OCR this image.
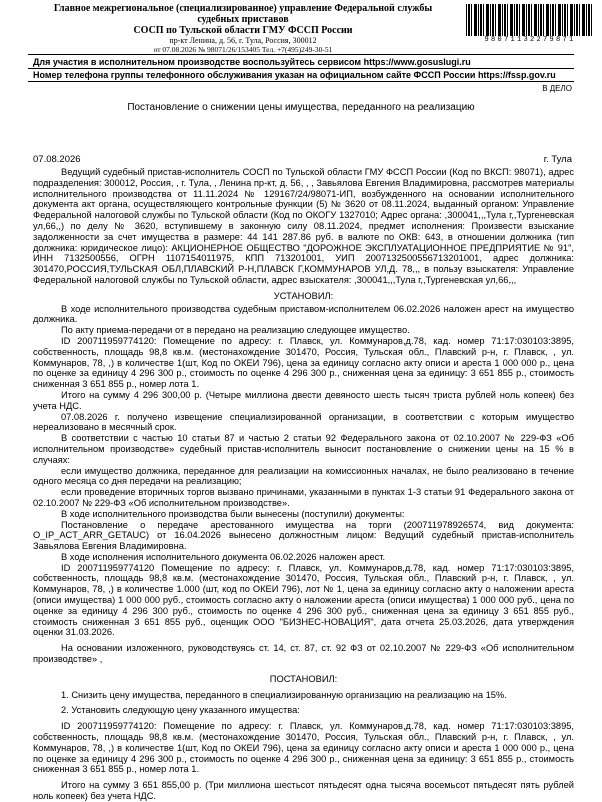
Главное межрегиональное (специализированное) управление Федеральной службы судебных приставов
СОСП по Тульской области ГМУ ФССП России
пр-кт Ленина, д. 56, г. Тула, Россия, 300012
от 07.08.2026 № 98071/26/153405 Тел. +7(495)249-30-51
98071132279871
Для участия в исполнительном производстве воспользуйтесь сервисом https://www.gosuslugi.ru
Номер телефона группы телефонного обслуживания указан на официальном сайте ФССП России https://fssp.gov.ru
В ДЕЛО
Постановление о снижении цены имущества, переданного на реализацию
07.08.2026	г. Тула

Ведущий судебный пристав-исполнитель СОСП по Тульской области ГМУ ФССП России (Код по ВКСП: 98071), адрес подразделения: 300012, Россия, , г. Тула, , Ленина пр-кт, д. 56, , , Завьялова Евгения Владимировна, рассмотрев материалы исполнительного производства от 11.11.2024 № 129167/24/98071-ИП, возбужденного на основании исполнительного документа акт органа, осуществляющего контрольные функции (5) № 3620 от 08.11.2024, выданный органом: Управление Федеральной налоговой службы по Тульской области (Код по ОКОГУ 1327010; Адрес органа: ,300041,,,Тула г,,Тургеневская ул,66,,) по делу № 3620, вступившему в законную силу 08.11.2024, предмет исполнения: Произвести взыскание задолженности за счет имущества в размере: 44 141 287.86 руб. в валюте по ОКВ: 643, в отношении должника (тип должника: юридическое лицо): АКЦИОНЕРНОЕ ОБЩЕСТВО "ДОРОЖНОЕ ЭКСПЛУАТАЦИОННОЕ ПРЕДПРИЯТИЕ № 91", ИНН 7132500556, ОГРН 1107154011975, КПП 713201001, УИП 2007132500556713201001, адрес должника: 301470,РОССИЯ,ТУЛЬСКАЯ ОБЛ,ПЛАВСКИЙ Р-Н,ПЛАВСК Г,КОММУНАРОВ УЛ,Д. 78,,, в пользу взыскателя: Управление Федеральной налоговой службы по Тульской области, адрес взыскателя: ,300041,,,Тула г,,Тургеневская ул,66,,,

УСТАНОВИЛ:

В ходе исполнительного производства судебным приставом-исполнителем 06.02.2026 наложен арест на имущество должника.

По акту приема-передачи от в передано на реализацию следующее имущество.

ID 200711959774120: Помещение по адресу: г. Плавск, ул. Коммунаров,д.78, кад. номер 71:17:030103:3895, собственность, площадь 98,8 кв.м. (местонахождение 301470, Россия, Тульская обл., Плавский р-н, г. Плавск, , ул. Коммунаров, 78, ,) в количестве 1(шт, Код по ОКЕИ 796), цена за единицу согласно акту описи и ареста 1 000 000 р., цена по оценке за единицу 4 296 300 р., стоимость по оценке 4 296 300 р., сниженная цена за единицу: 3 651 855 р., стоимость сниженная 3 651 855 р., номер лота 1.

Итого на сумму 4 296 300,00 р. (Четыре миллиона двести девяносто шесть тысяч триста рублей ноль копеек) без учета НДС.

07.08.2026 г. получено извещение специализированной организации, в соответствии с которым имущество нереализовано в месячный срок.

В соответствии с частью 10 статьи 87 и частью 2 статьи 92 Федерального закона от 02.10.2007 № 229-ФЗ «Об исполнительном производстве» судебный пристав-исполнитель выносит постановление о снижении цены на 15 % в случаях:

если имущество должника, переданное для реализации на комиссионных началах, не было реализовано в течение одного месяца со дня передачи на реализацию;

если проведение вторичных торгов вызвано причинами, указанными в пунктах 1-3 статьи 91 Федерального закона от 02.10.2007 № 229-ФЗ «Об исполнительном производстве».

В ходе исполнительного производства были вынесены (поступили) документы:

Постановление о передаче арестованного имущества на торги (200711978926574, вид документа: O_IP_ACT_ARR_GETAUC) от 16.04.2026 вынесено должностным лицом: Ведущий судебный пристав-исполнитель Завьялова Евгения Владимировна.

В ходе исполнения исполнительного документа 06.02.2026 наложен арест.

ID 200711959774120 Помещение по адресу: г. Плавск, ул. Коммунаров,д.78, кад. номер 71:17:030103:3895, собственность, площадь 98,8 кв.м. (местонахождение 301470, Россия, Тульская обл., Плавский р-н, г. Плавск, , ул. Коммунаров, 78, ,) в количестве 1.000 (шт, код по ОКЕИ 796), лот № 1, цена за единицу согласно акту о наложении ареста (описи имущества) 1 000 000 руб., стоимость согласно акту о наложении ареста (описи имущества) 1 000 000 руб., цена по оценке за единицу 4 296 300 руб., стоимость по оценке 4 296 300 руб., сниженная цена за единицу 3 651 855 руб., стоимость сниженная 3 651 855 руб., оценщик ООО "БИЗНЕС-НОВАЦИЯ", дата отчета 25.03.2026, дата утверждения оценки 31.03.2026.

На основании изложенного, руководствуясь ст. 14, ст. 87, ст. 92 ФЗ от 02.10.2007 № 229-ФЗ «Об исполнительном производстве» ,

ПОСТАНОВИЛ:

1. Снизить цену имущества, переданного в специализированную организацию на реализацию на 15%.

2. Установить следующую цену указанного имущества:

ID 200711959774120: Помещение по адресу: г. Плавск, ул. Коммунаров,д.78, кад. номер 71:17:030103:3895, собственность, площадь 98,8 кв.м. (местонахождение 301470, Россия, Тульская обл., Плавский р-н, г. Плавск, , ул. Коммунаров, 78, ,) в количестве 1(шт, Код по ОКЕИ 796), цена за единицу согласно акту описи и ареста 1 000 000 р., цена по оценке за единицу 4 296 300 р., стоимость по оценке 4 296 300 р., сниженная цена за единицу: 3 651 855 р., стоимость сниженная 3 651 855 р., номер лота 1.

Итого на сумму 3 651 855,00 р. (Три миллиона шестьсот пятьдесят одна тысяча восемьсот пятьдесят пять рублей ноль копеек) без учета НДС.
